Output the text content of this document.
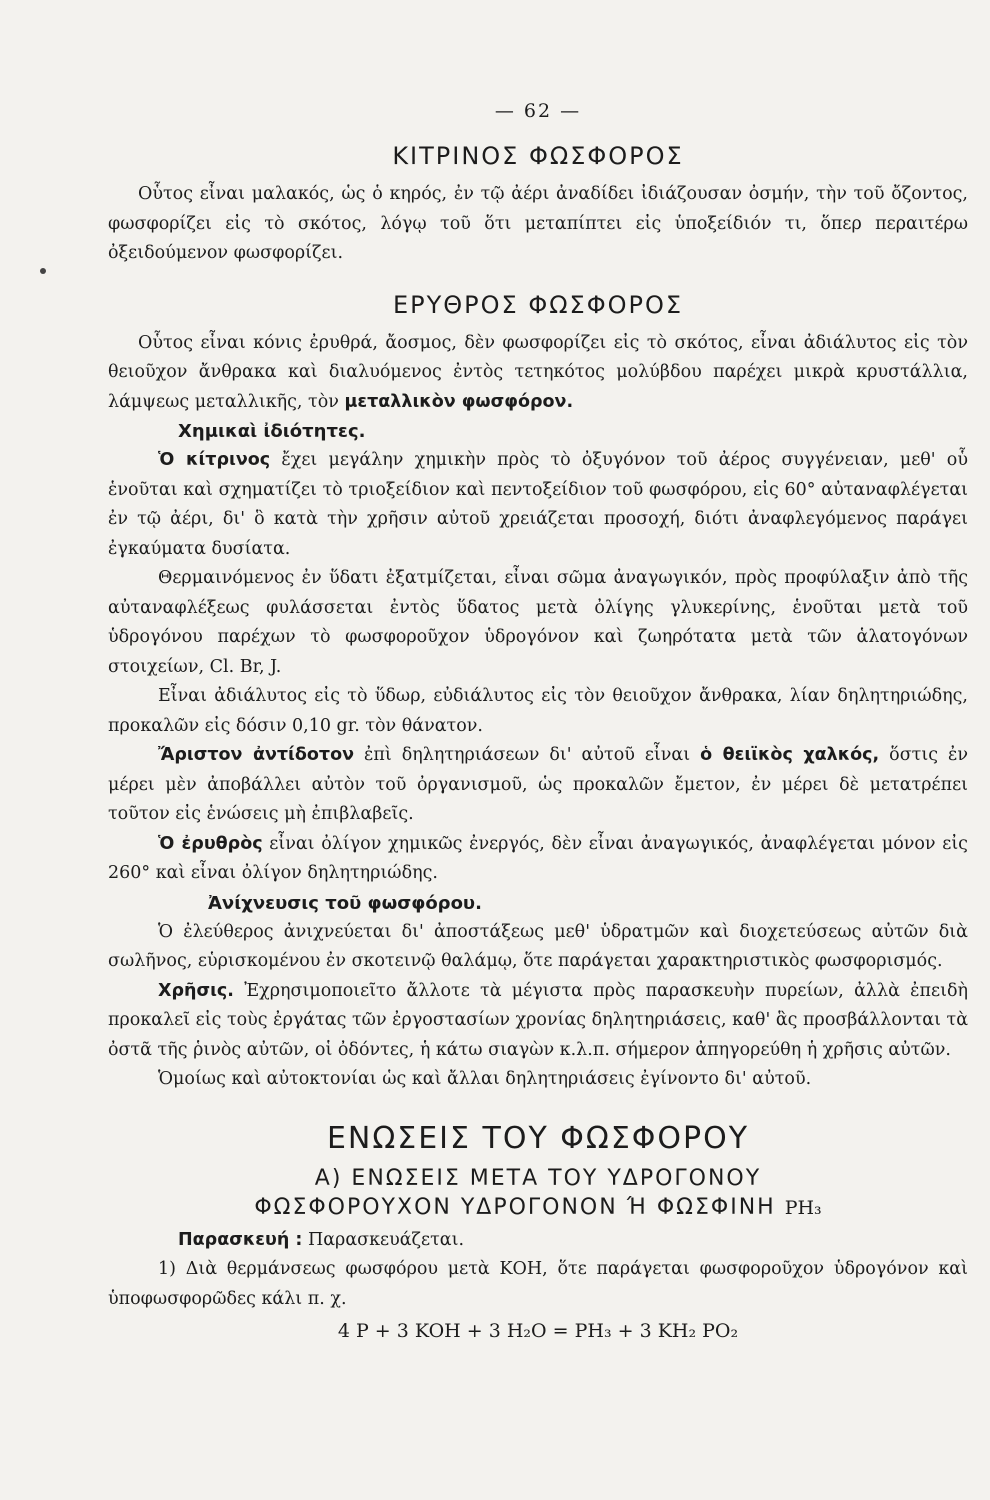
— 62 —
ΚΙΤΡΙΝΟΣ ΦΩΣΦΟΡΟΣ

Οὗτος εἶναι μαλακός, ὡς ὁ κηρός, ἐν τῷ ἀέρι ἀναδίδει ἰδιάζουσαν ὀσμήν, τὴν τοῦ ὄζοντος, φωσφορίζει εἰς τὸ σκότος, λόγῳ τοῦ ὅτι μεταπίπτει εἰς ὑποξείδιόν τι, ὅπερ περαιτέρω ὀξειδούμενον φωσφορίζει.

ΕΡΥΘΡΟΣ ΦΩΣΦΟΡΟΣ

Οὗτος εἶναι κόνις ἐρυθρά, ἄοσμος, δὲν φωσφορίζει εἰς τὸ σκότος, εἶναι ἀδιάλυτος εἰς τὸν θειοῦχον ἄνθρακα καὶ διαλυόμενος ἐντὸς τετηκότος μολύβδου παρέχει μικρὰ κρυστάλλια, λάμψεως μεταλλικῆς, τὸν μεταλλικὸν φωσφόρον.

Χημικαὶ ἰδιότητες.

Ὁ κίτρινος ἔχει μεγάλην χημικὴν πρὸς τὸ ὀξυγόνον τοῦ ἀέρος συγγένειαν, μεθ' οὗ ἑνοῦται καὶ σχηματίζει τὸ τριοξείδιον καὶ πεντοξείδιον τοῦ φωσφόρου, εἰς 60° αὐταναφλέγεται ἐν τῷ ἀέρι, δι' ὃ κατὰ τὴν χρῆσιν αὐτοῦ χρειάζεται προσοχή, διότι ἀναφλεγόμενος παράγει ἐγκαύματα δυσίατα.

Θερμαινόμενος ἐν ὕδατι ἐξατμίζεται, εἶναι σῶμα ἀναγωγικόν, πρὸς προφύλαξιν ἀπὸ τῆς αὐταναφλέξεως φυλάσσεται ἐντὸς ὕδατος μετὰ ὀλίγης γλυκερίνης, ἑνοῦται μετὰ τοῦ ὑδρογόνου παρέχων τὸ φωσφοροῦχον ὑδρογόνον καὶ ζωηρότατα μετὰ τῶν ἁλατογόνων στοιχείων, Cl. Br, J.

Εἶναι ἀδιάλυτος εἰς τὸ ὕδωρ, εὐδιάλυτος εἰς τὸν θειοῦχον ἄνθρακα, λίαν δηλητηριώδης, προκαλῶν εἰς δόσιν 0,10 gr. τὸν θάνατον.

Ἄριστον ἀντίδοτον ἐπὶ δηλητηριάσεων δι' αὐτοῦ εἶναι ὁ θειϊκὸς χαλκός, ὅστις ἐν μέρει μὲν ἀποβάλλει αὐτὸν τοῦ ὀργανισμοῦ, ὡς προκαλῶν ἔμετον, ἐν μέρει δὲ μετατρέπει τοῦτον εἰς ἑνώσεις μὴ ἐπιβλαβεῖς.

Ὁ ἐρυθρὸς εἶναι ὀλίγον χημικῶς ἐνεργός, δὲν εἶναι ἀναγωγικός, ἀναφλέγεται μόνον εἰς 260° καὶ εἶναι ὀλίγον δηλητηριώδης.

Ἀνίχνευσις τοῦ φωσφόρου.

Ὁ ἐλεύθερος ἀνιχνεύεται δι' ἀποστάξεως μεθ' ὑδρατμῶν καὶ διοχετεύσεως αὐτῶν διὰ σωλῆνος, εὑρισκομένου ἐν σκοτεινῷ θαλάμῳ, ὅτε παράγεται χαρακτηριστικὸς φωσφορισμός.

Χρῆσις. Ἐχρησιμοποιεῖτο ἄλλοτε τὰ μέγιστα πρὸς παρασκευὴν πυρείων, ἀλλὰ ἐπειδὴ προκαλεῖ εἰς τοὺς ἐργάτας τῶν ἐργοστασίων χρονίας δηλητηριάσεις, καθ' ἃς προσβάλλονται τὰ ὀστᾶ τῆς ῥινὸς αὐτῶν, οἱ ὀδόντες, ἡ κάτω σιαγὼν κ.λ.π. σήμερον ἀπηγορεύθη ἡ χρῆσις αὐτῶν.

Ὁμοίως καὶ αὐτοκτονίαι ὡς καὶ ἄλλαι δηλητηριάσεις ἐγίνοντο δι' αὐτοῦ.

ΕΝΩΣΕΙΣ ΤΟΥ ΦΩΣΦΟΡΟΥ
Α) ΕΝΩΣΕΙΣ ΜΕΤΑ ΤΟΥ ΥΔΡΟΓΟΝΟΥ
ΦΩΣΦΟΡΟΥΧΟΝ ΥΔΡΟΓΟΝΟΝ Ή ΦΩΣΦΙΝΗ PH₃

Παρασκευή : Παρασκευάζεται.

1) Διὰ θερμάνσεως φωσφόρου μετὰ ΚΟΗ, ὅτε παράγεται φωσφοροῦχον ὑδρογόνον καὶ ὑποφωσφορῶδες κάλι π. χ.

4 P + 3 KOH + 3 H₂O = PH₃ + 3 KH₂ PO₂
